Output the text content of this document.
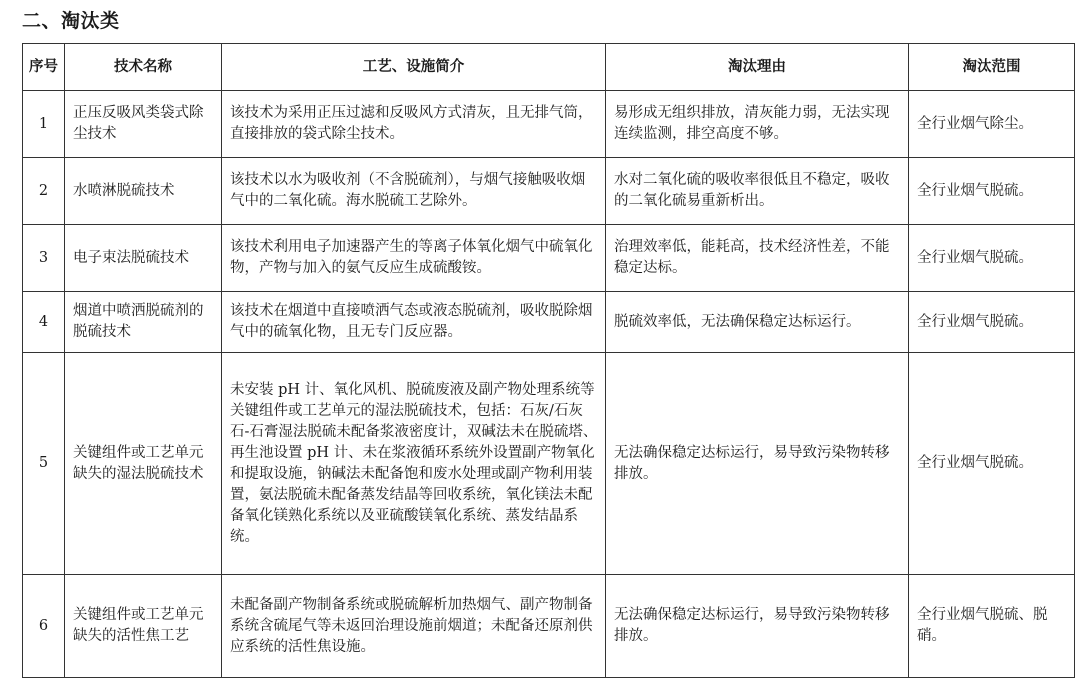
二、淘汰类
序号	技术名称	工艺、设施简介	淘汰理由	淘汰范围
1	正压反吸风类袋式除尘技术	该技术为采用正压过滤和反吸风方式清灰，且无排气筒，直接排放的袋式除尘技术。	易形成无组织排放，清灰能力弱，无法实现连续监测，排空高度不够。	全行业烟气除尘。
2	水喷淋脱硫技术	该技术以水为吸收剂（不含脱硫剂），与烟气接触吸收烟气中的二氧化硫。海水脱硫工艺除外。	水对二氧化硫的吸收率很低且不稳定，吸收的二氧化硫易重新析出。	全行业烟气脱硫。
3	电子束法脱硫技术	该技术利用电子加速器产生的等离子体氧化烟气中硫氧化物，产物与加入的氨气反应生成硫酸铵。	治理效率低，能耗高，技术经济性差，不能稳定达标。	全行业烟气脱硫。
4	烟道中喷洒脱硫剂的脱硫技术	该技术在烟道中直接喷洒气态或液态脱硫剂，吸收脱除烟气中的硫氧化物，且无专门反应器。	脱硫效率低，无法确保稳定达标运行。	全行业烟气脱硫。
5	关键组件或工艺单元缺失的湿法脱硫技术	未安装 pH 计、氧化风机、脱硫废液及副产物处理系统等关键组件或工艺单元的湿法脱硫技术，包括：石灰/石灰石-石膏湿法脱硫未配备浆液密度计，双碱法未在脱硫塔、再生池设置 pH 计、未在浆液循环系统外设置副产物氧化和提取设施，钠碱法未配备饱和废水处理或副产物利用装置，氨法脱硫未配备蒸发结晶等回收系统，氧化镁法未配备氧化镁熟化系统以及亚硫酸镁氧化系统、蒸发结晶系统。	无法确保稳定达标运行，易导致污染物转移排放。	全行业烟气脱硫。
6	关键组件或工艺单元缺失的活性焦工艺	未配备副产物制备系统或脱硫解析加热烟气、副产物制备系统含硫尾气等未返回治理设施前烟道；未配备还原剂供应系统的活性焦设施。	无法确保稳定达标运行，易导致污染物转移排放。	全行业烟气脱硫、脱硝。
